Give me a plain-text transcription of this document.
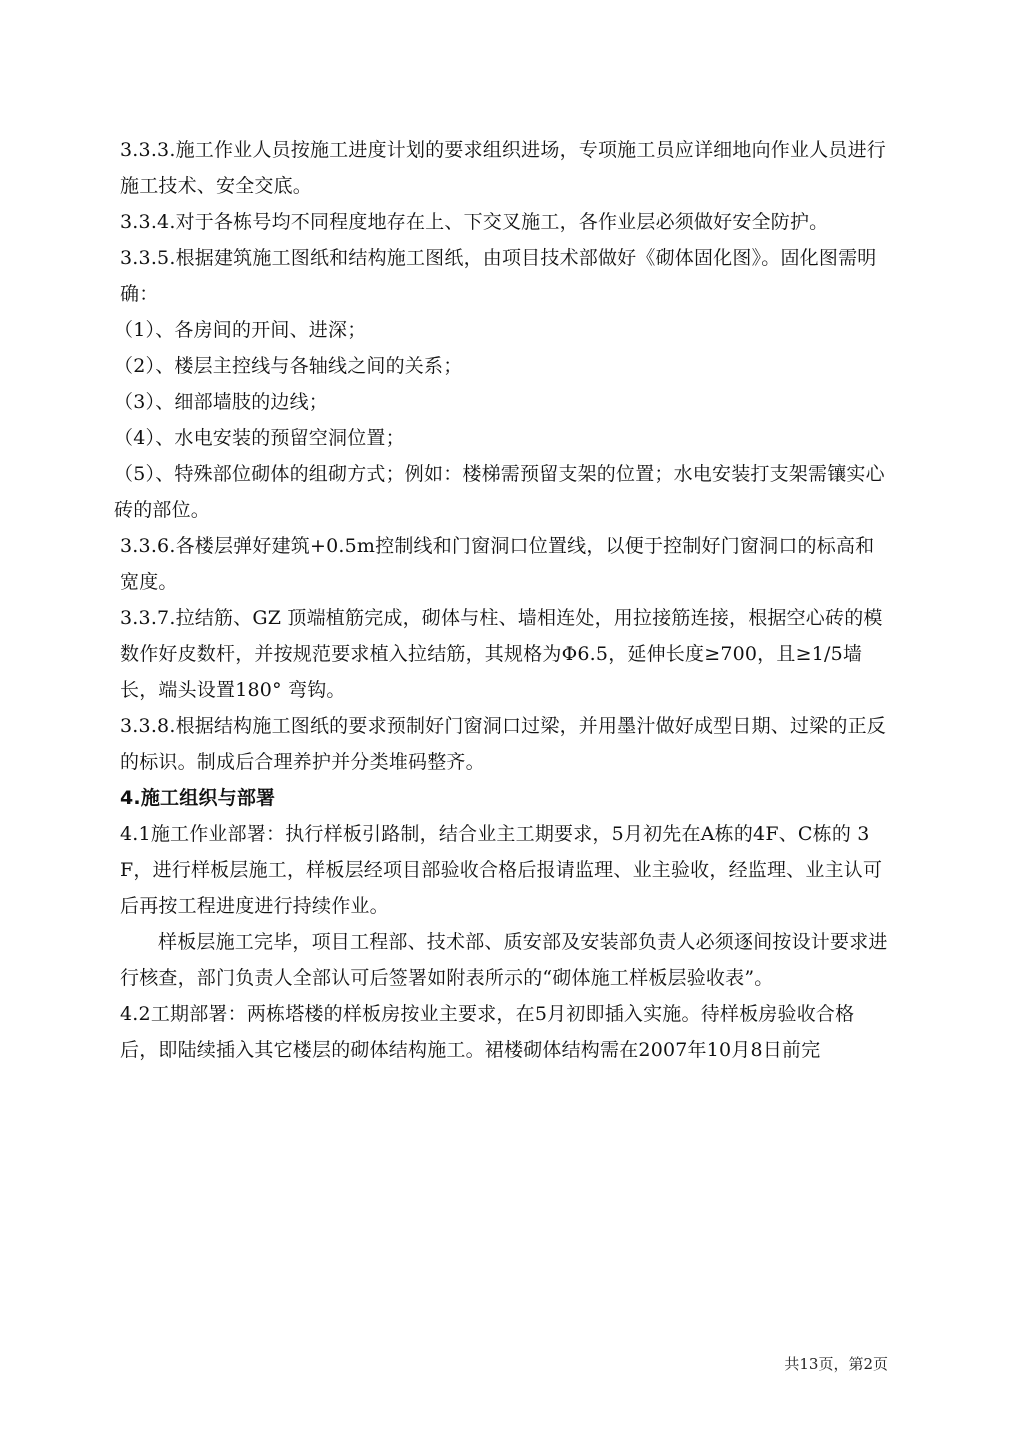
3.3.3.施工作业人员按施工进度计划的要求组织进场，专项施工员应详细地向作业人员进行施工技术、安全交底。

3.3.4.对于各栋号均不同程度地存在上、下交叉施工，各作业层必须做好安全防护。

3.3.5.根据建筑施工图纸和结构施工图纸，由项目技术部做好《砌体固化图》。固化图需明确：

（1）、各房间的开间、进深；

（2）、楼层主控线与各轴线之间的关系；

（3）、细部墙肢的边线；

（4）、水电安装的预留空洞位置；

（5）、特殊部位砌体的组砌方式；例如：楼梯需预留支架的位置；水电安装打支架需镶实心砖的部位。

3.3.6.各楼层弹好建筑+0.5m控制线和门窗洞口位置线，以便于控制好门窗洞口的标高和宽度。

3.3.7.拉结筋、GZ 顶端植筋完成，砌体与柱、墙相连处，用拉接筋连接，根据空心砖的模数作好皮数杆，并按规范要求植入拉结筋，其规格为Φ6.5，延伸长度≥700，且≥1/5墙长，端头设置180° 弯钩。

3.3.8.根据结构施工图纸的要求预制好门窗洞口过梁，并用墨汁做好成型日期、过梁的正反的标识。制成后合理养护并分类堆码整齐。

4.施工组织与部署

4.1施工作业部署：执行样板引路制，结合业主工期要求，5月初先在A栋的4F、C栋的 3F，进行样板层施工，样板层经项目部验收合格后报请监理、业主验收，经监理、业主认可后再按工程进度进行持续作业。

样板层施工完毕，项目工程部、技术部、质安部及安装部负责人必须逐间按设计要求进行核查，部门负责人全部认可后签署如附表所示的“砌体施工样板层验收表”。

4.2工期部署：两栋塔楼的样板房按业主要求，在5月初即插入实施。待样板房验收合格后，即陆续插入其它楼层的砌体结构施工。裙楼砌体结构需在2007年10月8日前完

共13页，第2页
